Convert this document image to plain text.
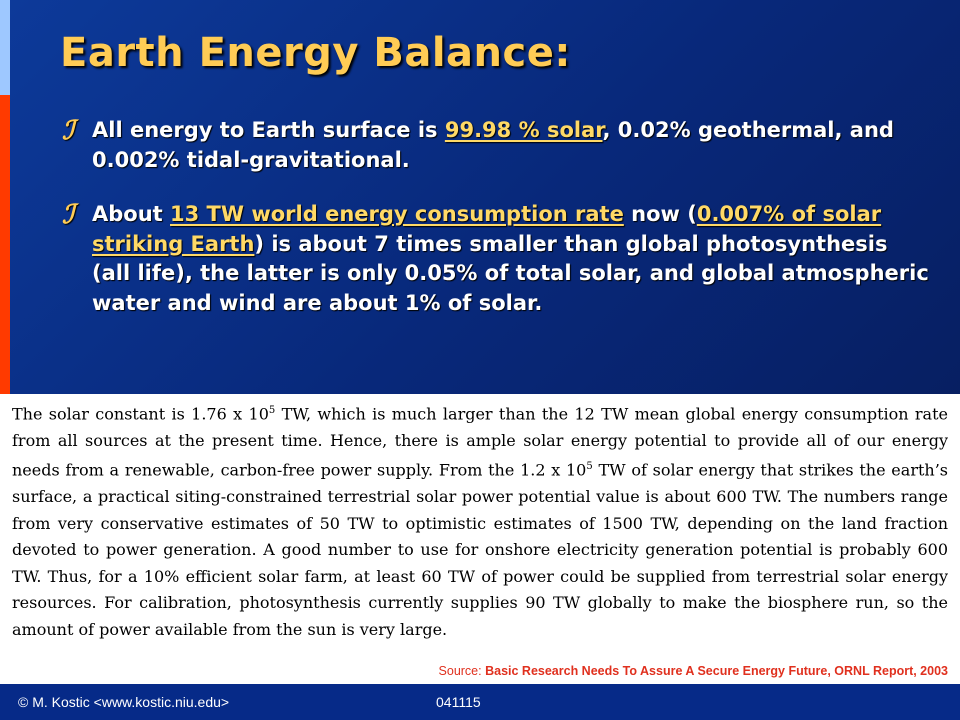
Earth Energy Balance:
ℐ All energy to Earth surface is 99.98 % solar, 0.02% geothermal, and 0.002% tidal-gravitational.
ℐ About 13 TW world energy consumption rate now (0.007% of solar striking Earth) is about 7 times smaller than global photosynthesis (all life), the latter is only 0.05% of total solar, and global atmospheric water and wind are about 1% of solar.
The solar constant is 1.76 x $10^5$ TW, which is much larger than the 12 TW mean global energy consumption rate from all sources at the present time. Hence, there is ample solar energy potential to provide all of our energy needs from a renewable, carbon-free power supply. From the 1.2 x $10^5$ TW of solar energy that strikes the earth’s surface, a practical siting-constrained terrestrial solar power potential value is about 600 TW. The numbers range from very conservative estimates of 50 TW to optimistic estimates of 1500 TW, depending on the land fraction devoted to power generation. A good number to use for onshore electricity generation potential is probably 600 TW. Thus, for a 10% efficient solar farm, at least 60 TW of power could be supplied from terrestrial solar energy resources. For calibration, photosynthesis currently supplies 90 TW globally to make the biosphere run, so the amount of power available from the sun is very large.
Source: Basic Research Needs To Assure A Secure Energy Future, ORNL Report, 2003
© M. Kostic <www.kostic.niu.edu>	041115
